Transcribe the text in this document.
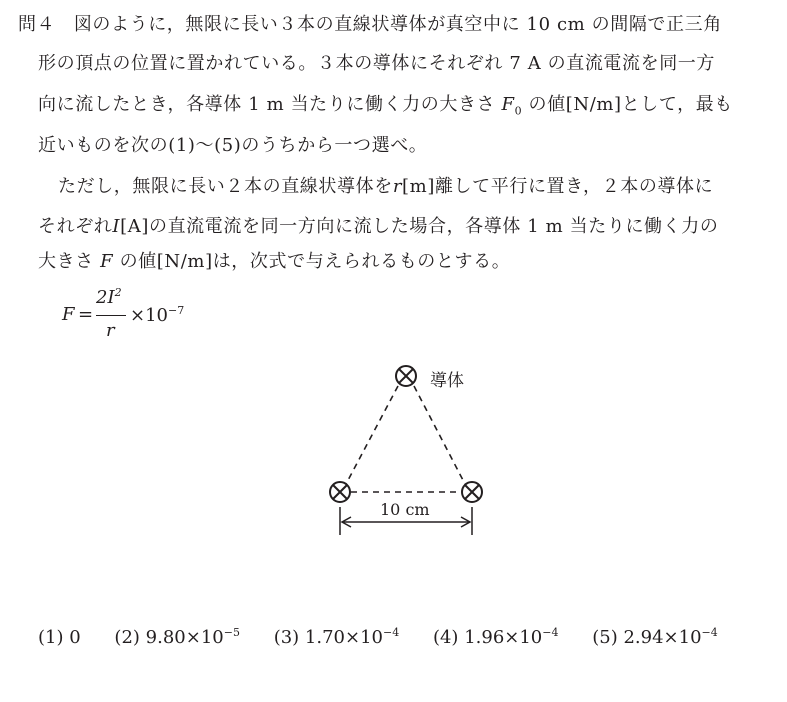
問４　 図のように，無限に長い３本の直線状導体が真空中に 10 cm の間隔で正三角
形の頂点の位置に置かれている。３本の導体にそれぞれ 7 A の直流電流を同一方
向に流したとき，各導体 1 m 当たりに働く力の大きさ $F_0$ の値[N/m]として，最も
近いものを次の(1)～(5)のうちから一つ選べ。
ただし，無限に長い２本の直線状導体をr[m]離して平行に置き，２本の導体に
それぞれI[A]の直流電流を同一方向に流した場合，各導体 1 m 当たりに働く力の
大きさ F の値[N/m]は，次式で与えられるものとする。
F =
$2I^2$
r
$\times 10^{-7}$
導体
10 cm
(1) 0 (2) $9.80\times 10^{-5}$ (3) $1.70\times 10^{-4}$ (4) $1.96\times 10^{-4}$ (5) $2.94\times 10^{-4}$
